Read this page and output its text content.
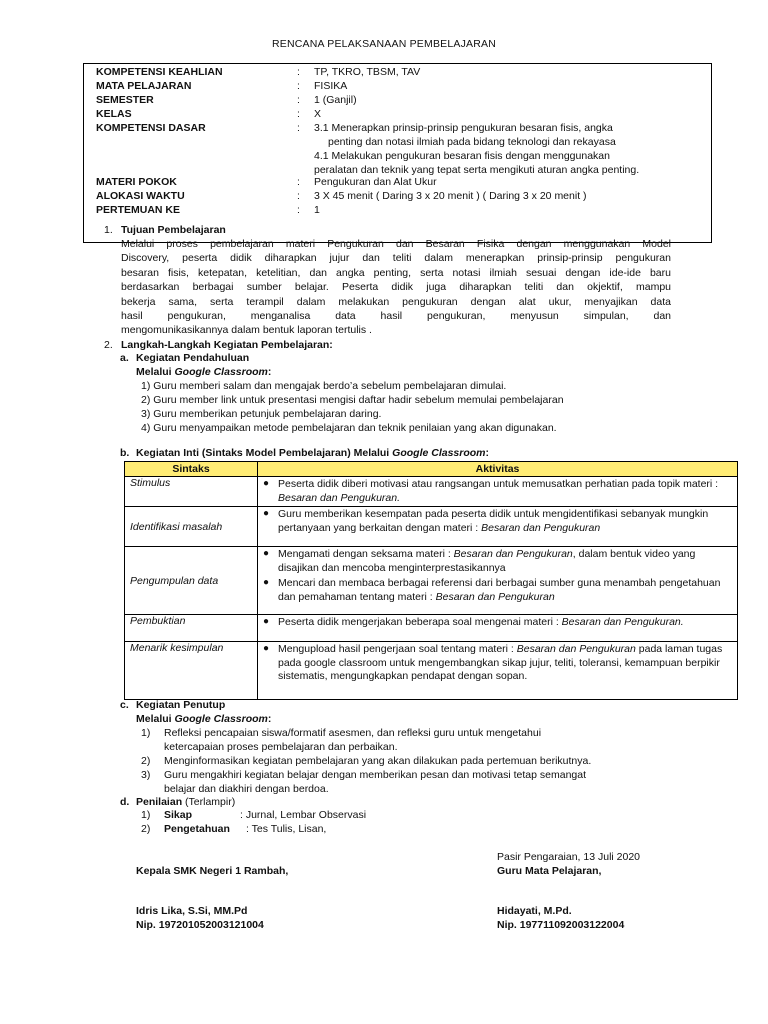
RENCANA PELAKSANAAN PEMBELAJARAN
KOMPETENSI KEAHLIAN	: TP, TKRO, TBSM, TAV
MATA PELAJARAN	: FISIKA
SEMESTER	: 1 (Ganjil)
KELAS	: X
KOMPETENSI DASAR	: 3.1 Menerapkan prinsip-prinsip pengukuran besaran fisis, angka
penting dan notasi ilmiah pada bidang teknologi dan rekayasa
4.1 Melakukan pengukuran besaran fisis dengan menggunakan
peralatan dan teknik yang tepat serta mengikuti aturan angka penting.
MATERI POKOK	: Pengukuran dan Alat Ukur
ALOKASI WAKTU	: 3 X 45 menit ( Daring 3 x 20 menit ) ( Daring 3 x 20 menit )
PERTEMUAN KE	: 1
1. Tujuan Pembelajaran
Melalui proses pembelajaran materi Pengukuran dan Besaran Fisika dengan menggunakan Model
Discovery, peserta didik diharapkan jujur dan teliti dalam menerapkan prinsip-prinsip pengukuran
besaran fisis, ketepatan, ketelitian, dan angka penting, serta notasi ilmiah sesuai dengan ide-ide baru
berdasarkan berbagai sumber belajar. Peserta didik juga diharapkan teliti dan okjektif, mampu
bekerja sama, serta terampil dalam melakukan pengukuran dengan alat ukur, menyajikan data
hasil pengukuran, menganalisa data hasil pengukuran, menyusun simpulan, dan
mengomunikasikannya dalam bentuk laporan tertulis .
2. Langkah-Langkah Kegiatan Pembelajaran:
a. Kegiatan Pendahuluan
Melalui Google Classroom:
1) Guru memberi salam dan mengajak berdo’a sebelum pembelajaran dimulai.
2) Guru member link untuk presentasi mengisi daftar hadir sebelum memulai pembelajaran
3) Guru memberikan petunjuk pembelajaran daring.
4) Guru menyampaikan metode pembelajaran dan teknik penilaian yang akan digunakan.
b. Kegiatan Inti (Sintaks Model Pembelajaran) Melalui Google Classroom:
Sintaks	Aktivitas
Stimulus	● Peserta didik diberi motivasi atau rangsangan untuk memusatkan perhatian pada topik materi : Besaran dan Pengukuran.

Identifikasi masalah	● Guru memberikan kesempatan pada peserta didik untuk mengidentifikasi sebanyak mungkin pertanyaan yang berkaitan dengan materi : Besaran dan Pengukuran

Pengumpulan data	● Mengamati dengan seksama materi : Besaran dan Pengukuran, dalam bentuk video yang disajikan dan mencoba menginterprestasikannya
● Mencari dan membaca berbagai referensi dari berbagai sumber guna menambah pengetahuan dan pemahaman tentang materi : Besaran dan Pengukuran

Pembuktian	● Peserta didik mengerjakan beberapa soal mengenai materi : Besaran dan Pengukuran.

Menarik kesimpulan	● Mengupload hasil pengerjaan soal tentang materi : Besaran dan Pengukuran pada laman tugas pada google classroom untuk mengembangkan sikap jujur, teliti, toleransi, kemampuan berpikir sistematis, mengungkapkan pendapat dengan sopan.
c. Kegiatan Penutup
Melalui Google Classroom:
1) Refleksi pencapaian siswa/formatif asesmen, dan refleksi guru untuk mengetahui
ketercapaian proses pembelajaran dan perbaikan.
2) Menginformasikan kegiatan pembelajaran yang akan dilakukan pada pertemuan berikutnya.
3) Guru mengakhiri kegiatan belajar dengan memberikan pesan dan motivasi tetap semangat
belajar dan diakhiri dengan berdoa.
d. Penilaian (Terlampir)
1) Sikap	: Jurnal, Lembar Observasi
2) Pengetahuan : Tes Tulis, Lisan,
Pasir Pengaraian, 13 Juli 2020
Kepala SMK Negeri 1 Rambah,	Guru Mata Pelajaran,
Idris Lika, S.Si, MM.Pd
Nip. 197201052003121004
Hidayati, M.Pd.
Nip. 197711092003122004
